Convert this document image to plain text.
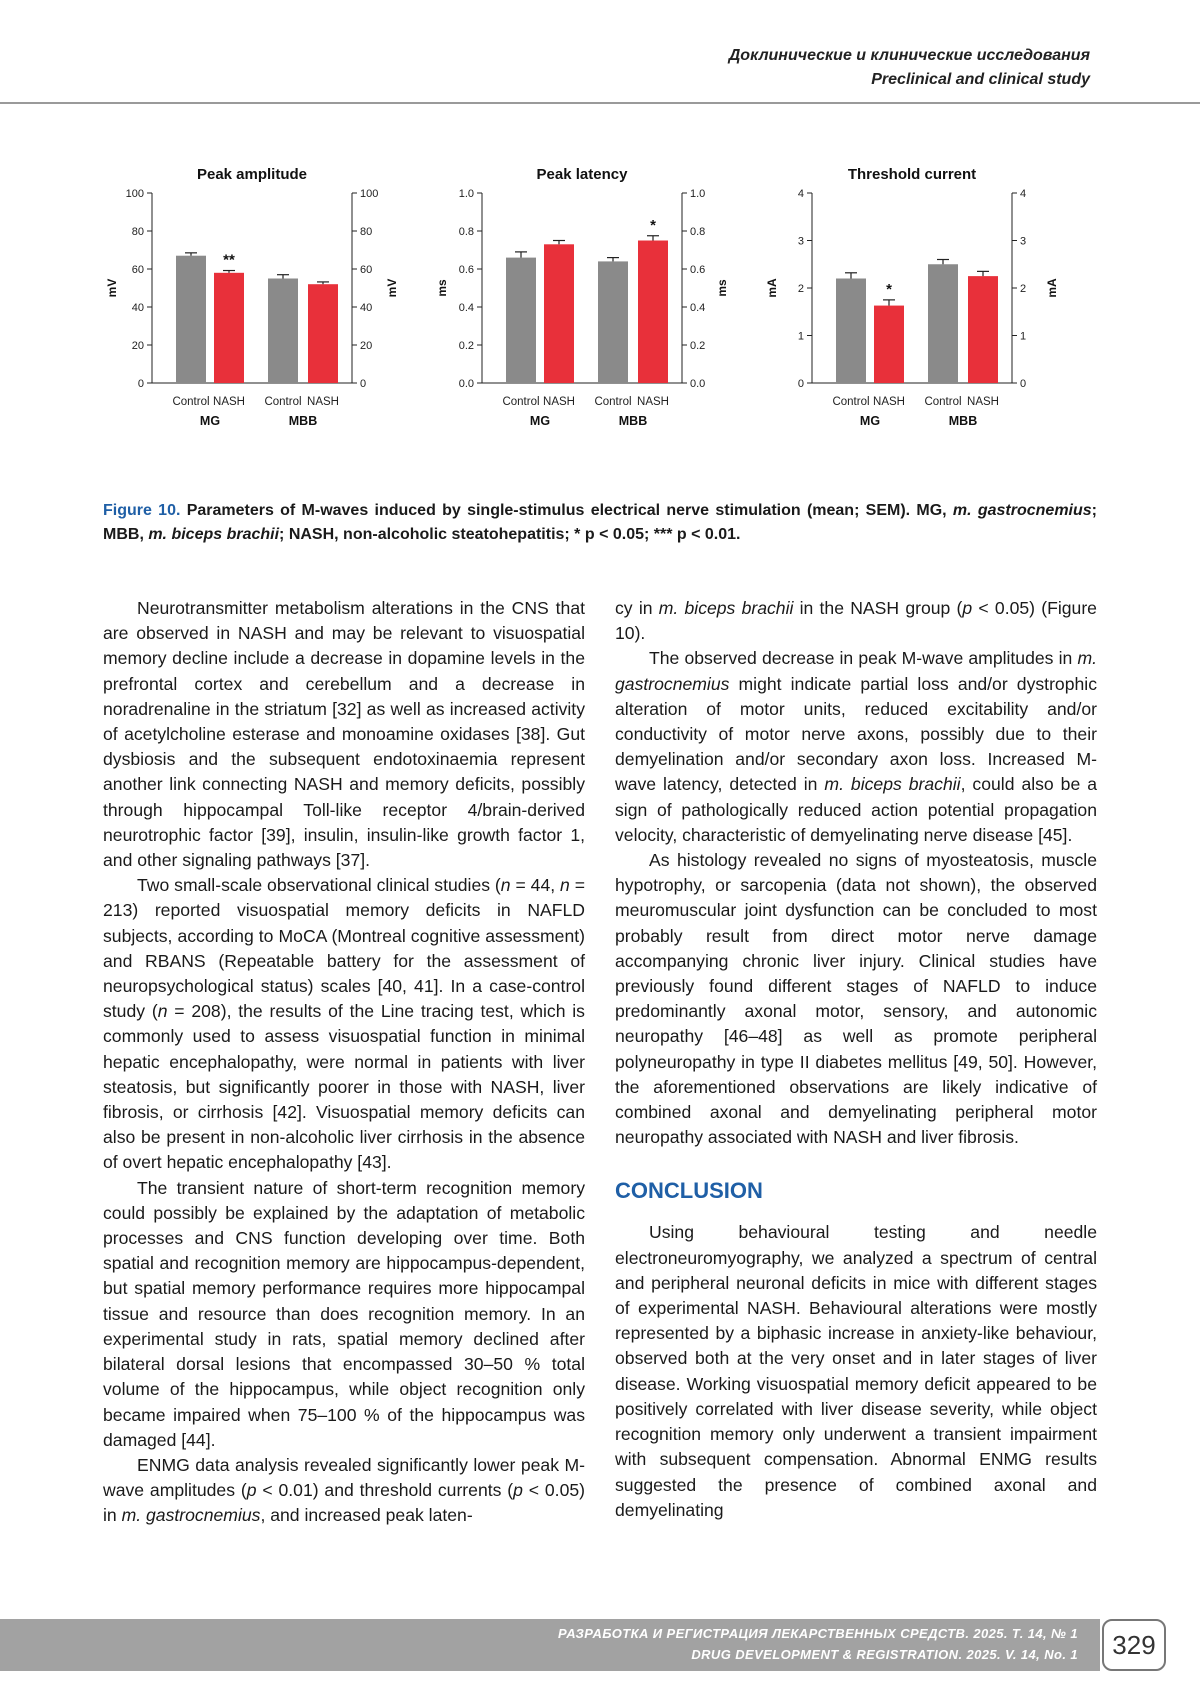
Доклинические и клинические исследования
Preclinical and clinical study
Peak amplitude
0	0
20	20
40	40
60	60
80	80
100	100
mV	mV
Control
**
NASH Control NASH
MG	MBB
Peak latency
0.0	0.0
0.2	0.2
0.4	0.4
0.6	0.6
0.8	0.8
1.0	1.0
ms	ms
Control NASH Control
*
NASH
MG	MBB
Threshold current
0	0
1	1
2	2
3	3
4	4
mA	mA
Control
*
NASH Control NASH
MG	MBB
Figure 10. Parameters of M-waves induced by single-stimulus electrical nerve stimulation (mean; SEM). MG, m. gastrocnemius; MBB, m. biceps brachii; NASH, non-alcoholic steatohepatitis; * p < 0.05; *** p < 0.01.

Neurotransmitter metabolism alterations in the CNS that are observed in NASH and may be relevant to visuospatial memory decline include a decrease in dopamine levels in the prefrontal cortex and cerebellum and a decrease in noradrenaline in the striatum [32] as well as increased activity of acetylcholine esterase and monoamine oxidases [38]. Gut dysbiosis and the subsequent endotoxinaemia represent another link connecting NASH and memory deficits, possibly through hippocampal Toll-like receptor 4/brain-derived neurotrophic factor [39], insulin, insulin-like growth factor 1, and other signaling pathways [37].

Two small-scale observational clinical studies (n = 44, n = 213) reported visuospatial memory deficits in NAFLD subjects, according to MoCA (Montreal cognitive assessment) and RBANS (Repeatable battery for the assessment of neuropsychological status) scales [40, 41]. In a case-control study (n = 208), the results of the Line tracing test, which is commonly used to assess visuospatial function in minimal hepatic encephalopathy, were normal in patients with liver steatosis, but significantly poorer in those with NASH, liver fibrosis, or cirrhosis [42]. Visuospatial memory deficits can also be present in non-alcoholic liver cirrhosis in the absence of overt hepatic encephalopathy [43].

The transient nature of short-term recognition memory could possibly be explained by the adaptation of metabolic processes and CNS function developing over time. Both spatial and recognition memory are hippocampus-dependent, but spatial memory performance requires more hippocampal tissue and resource than does recognition memory. In an experimental study in rats, spatial memory declined after bilateral dorsal lesions that encompassed 30–50 % total volume of the hippocampus, while object recognition only became impaired when 75–100 % of the hippocampus was damaged [44].

ENMG data analysis revealed significantly lower peak M-wave amplitudes (p < 0.01) and threshold currents (p < 0.05) in m. gastrocnemius, and increased peak laten-

cy in m. biceps brachii in the NASH group (p < 0.05) (Figure 10).

The observed decrease in peak M-wave amplitudes in m. gastrocnemius might indicate partial loss and/or dystrophic alteration of motor units, reduced excitability and/or conductivity of motor nerve axons, possibly due to their demyelination and/or secondary axon loss. Increased M-wave latency, detected in m. biceps brachii, could also be a sign of pathologically reduced action potential propagation velocity, characteristic of demyelinating nerve disease [45].

As histology revealed no signs of myosteatosis, muscle hypotrophy, or sarcopenia (data not shown), the observed meuromuscular joint dysfunction can be concluded to most probably result from direct motor nerve damage accompanying chronic liver injury. Clinical studies have previously found different stages of NAFLD to induce predominantly axonal motor, sensory, and autonomic neuropathy [46–48] as well as promote peripheral polyneuropathy in type II diabetes mellitus [49, 50]. However, the aforementioned observations are likely indicative of combined axonal and demyelinating peripheral motor neuropathy associated with NASH and liver fibrosis.

CONCLUSION

Using behavioural testing and needle electroneuromyography, we analyzed a spectrum of central and peripheral neuronal deficits in mice with different stages of experimental NASH. Behavioural alterations were mostly represented by a biphasic increase in anxiety-like behaviour, observed both at the very onset and in later stages of liver disease. Working visuospatial memory deficit appeared to be positively correlated with liver disease severity, while object recognition memory only underwent a transient impairment with subsequent compensation. Abnormal ENMG results suggested the presence of combined axonal and demyelinating

РАЗРАБОТКА И РЕГИСТРАЦИЯ ЛЕКАРСТВЕННЫХ СРЕДСТВ. 2025. Т. 14, № 1
DRUG DEVELOPMENT & REGISTRATION. 2025. V. 14, No. 1	329
